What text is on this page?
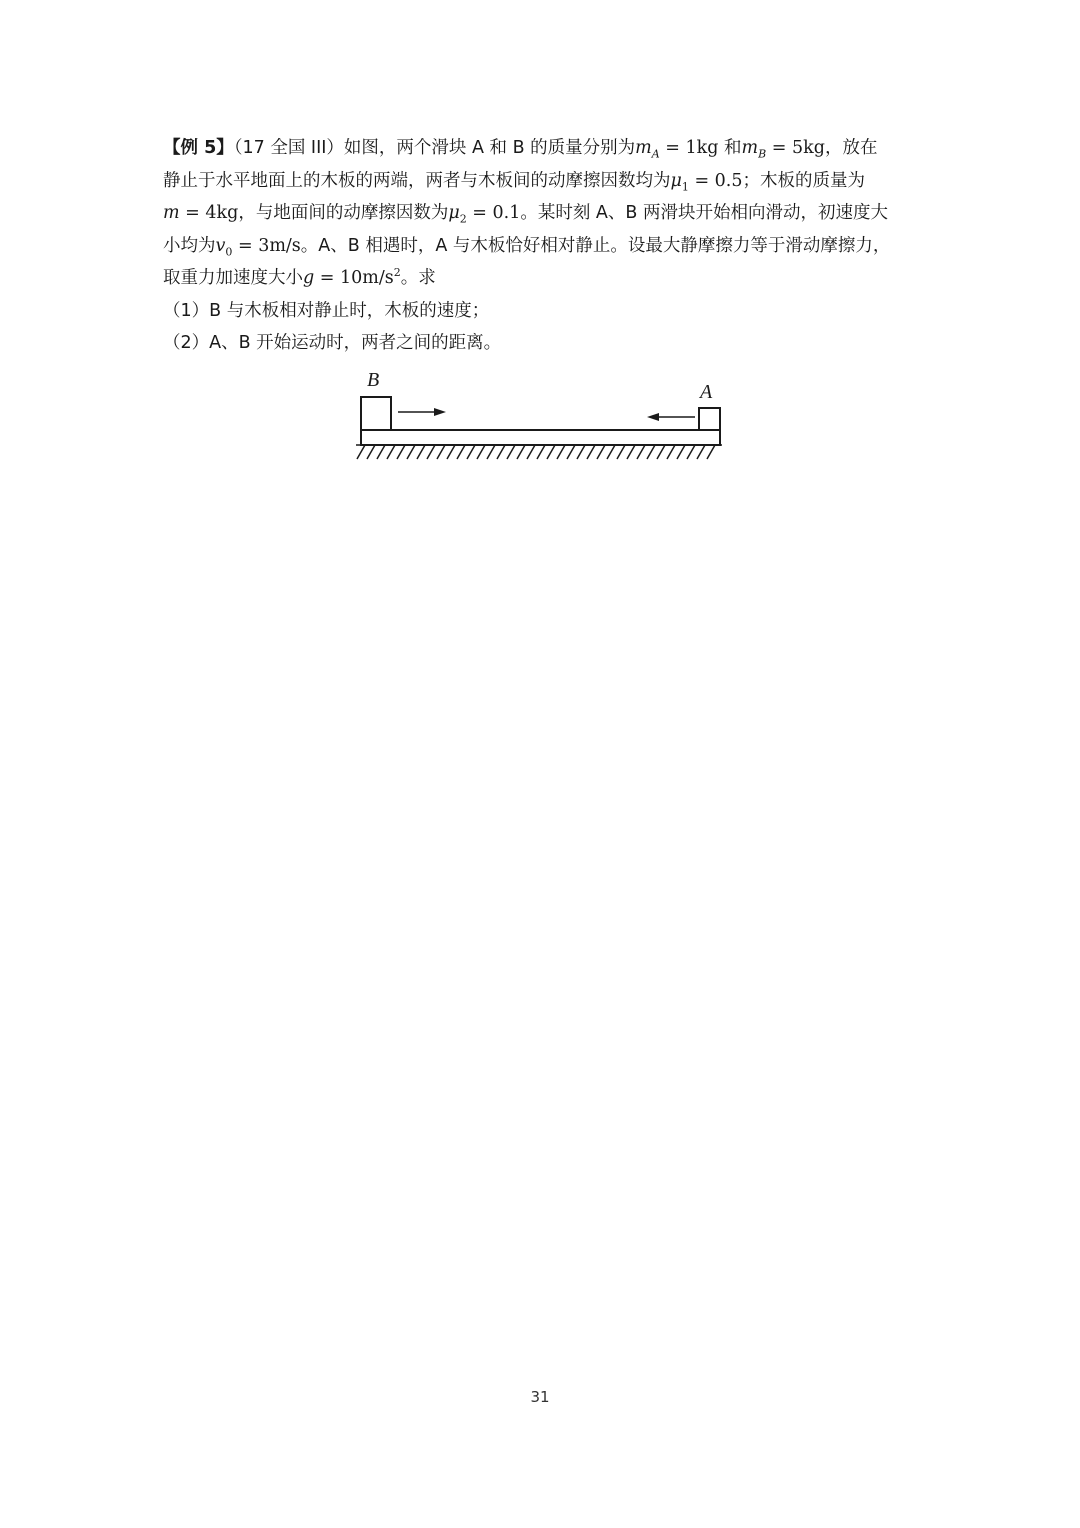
【例 5】（17 全国 III）如图，两个滑块 A 和 B 的质量分别为$m_A = 1kg$ 和$m_B = 5kg$，放在
静止于水平地面上的木板的两端，两者与木板间的动摩擦因数均为$\mu_1 = 0.5$；木板的质量为
m = 4kg，与地面间的动摩擦因数为$\mu_2 = 0.1$。某时刻 A、B 两滑块开始相向滑动，初速度大
小均为$v_0 = 3m/s$。A、B 相遇时，A 与木板恰好相对静止。设最大静摩擦力等于滑动摩擦力，
取重力加速度大小$g = 10m/s^2$。求
（1）B 与木板相对静止时，木板的速度；
（2）A、B 开始运动时，两者之间的距离。
B
A
31
